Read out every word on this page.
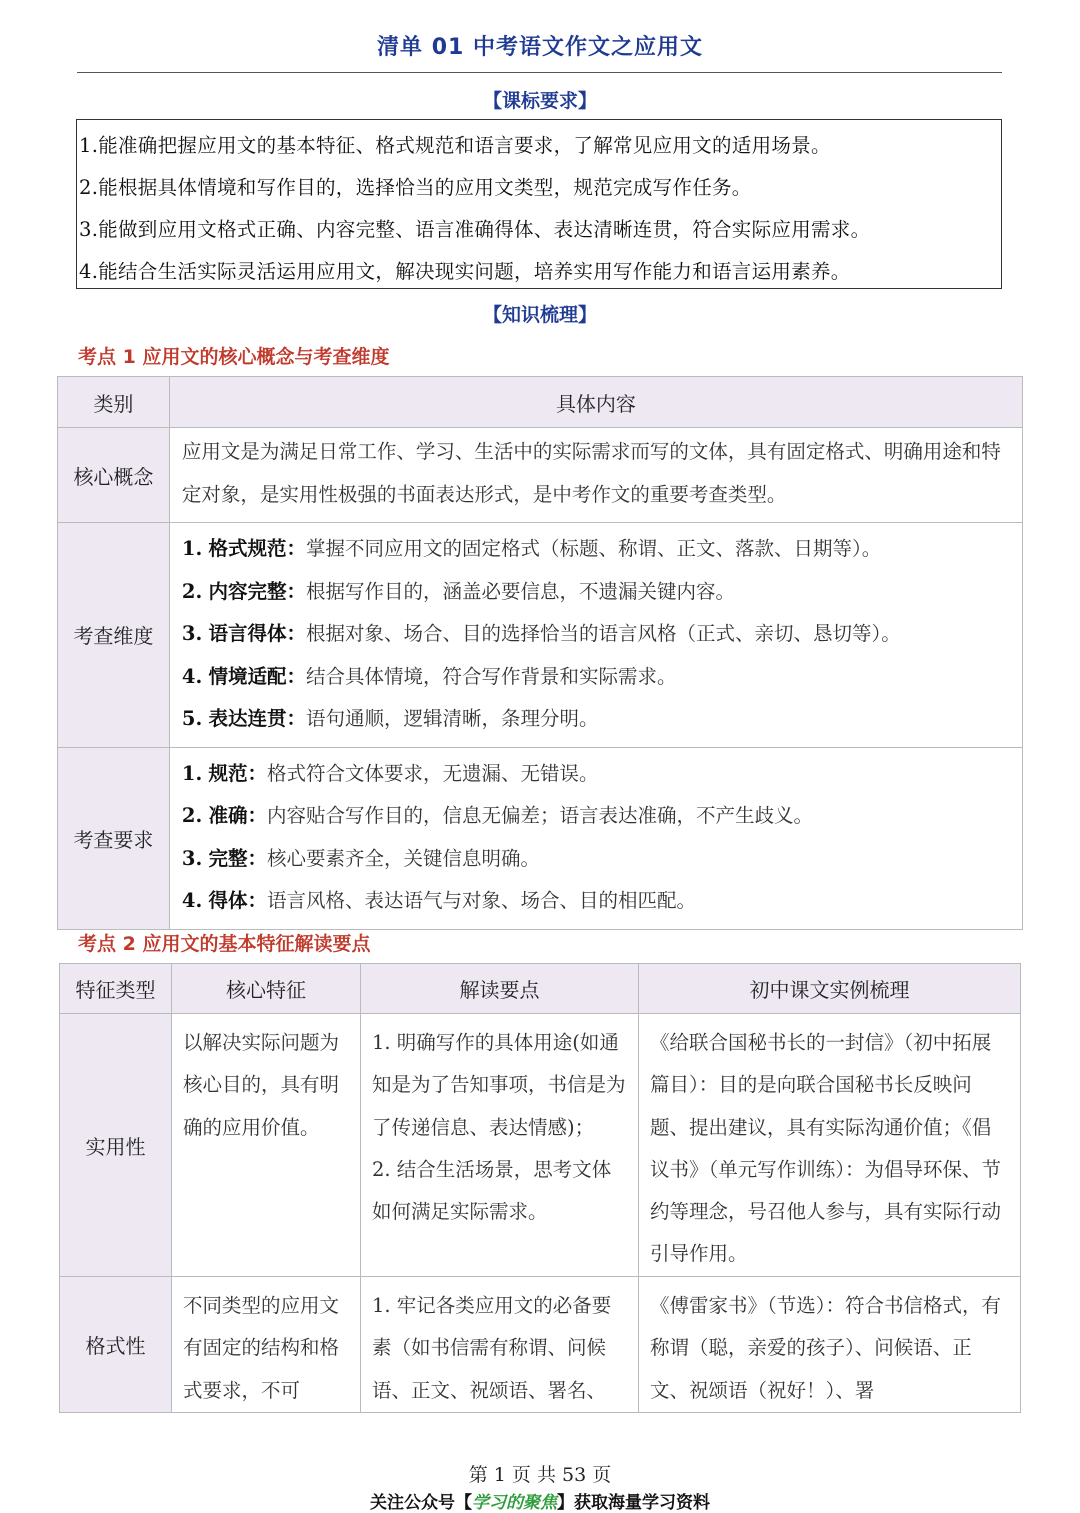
清单 01 中考语文作文之应用文
【课标要求】
1.能准确把握应用文的基本特征、格式规范和语言要求，了解常见应用文的适用场景。
2.能根据具体情境和写作目的，选择恰当的应用文类型，规范完成写作任务。
3.能做到应用文格式正确、内容完整、语言准确得体、表达清晰连贯，符合实际应用需求。
4.能结合生活实际灵活运用应用文，解决现实问题，培养实用写作能力和语言运用素养。
【知识梳理】
考点 1 应用文的核心概念与考查维度
类别	具体内容
核心概念	应用文是为满足日常工作、学习、生活中的实际需求而写的文体，具有固定格式、明确用途和特定对象，是实用性极强的书面表达形式，是中考作文的重要考查类型。

考查维度	1. 格式规范：掌握不同应用文的固定格式（标题、称谓、正文、落款、日期等）。
2. 内容完整：根据写作目的，涵盖必要信息，不遗漏关键内容。
3. 语言得体：根据对象、场合、目的选择恰当的语言风格（正式、亲切、恳切等）。
4. 情境适配：结合具体情境，符合写作背景和实际需求。
5. 表达连贯：语句通顺，逻辑清晰，条理分明。

考查要求	1. 规范：格式符合文体要求，无遗漏、无错误。
2. 准确：内容贴合写作目的，信息无偏差；语言表达准确，不产生歧义。
3. 完整：核心要素齐全，关键信息明确。
4. 得体：语言风格、表达语气与对象、场合、目的相匹配。
考点 2 应用文的基本特征解读要点
特征类型	核心特征	解读要点	初中课文实例梳理
实用性	以解决实际问题为核心目的，具有明确的应用价值。	1. 明确写作的具体用途(如通知是为了告知事项，书信是为了传递信息、表达情感)；
2. 结合生活场景，思考文体如何满足实际需求。	《给联合国秘书长的一封信》（初中拓展篇目）：目的是向联合国秘书长反映问题、提出建议，具有实际沟通价值；《倡议书》（单元写作训练）：为倡导环保、节约等理念，号召他人参与，具有实际行动引导作用。

格式性	不同类型的应用文有固定的结构和格式要求，不可	1. 牢记各类应用文的必备要素（如书信需有称谓、问候语、正文、祝颂语、署名、	《傅雷家书》（节选）：符合书信格式，有称谓（聪，亲爱的孩子）、问候语、正文、祝颂语（祝好！）、署
第 1 页 共 53 页
关注公众号【学习的聚焦】获取海量学习资料
